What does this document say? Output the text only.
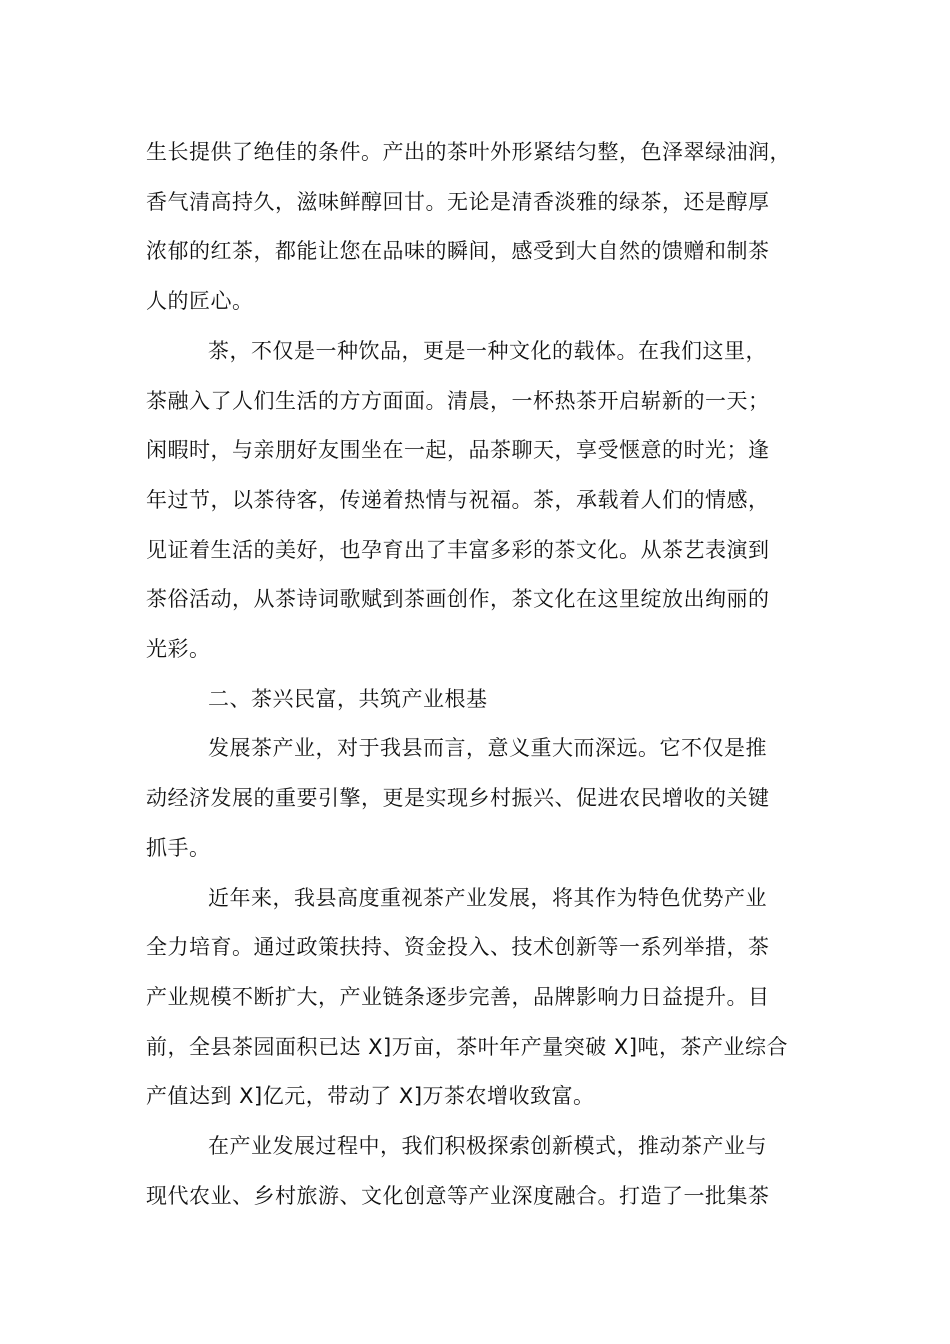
生长提供了绝佳的条件。产出的茶叶外形紧结匀整，色泽翠绿油润，
香气清高持久，滋味鲜醇回甘。无论是清香淡雅的绿茶，还是醇厚
浓郁的红茶，都能让您在品味的瞬间，感受到大自然的馈赠和制茶
人的匠心。

茶，不仅是一种饮品，更是一种文化的载体。在我们这里，
茶融入了人们生活的方方面面。清晨，一杯热茶开启崭新的一天；
闲暇时，与亲朋好友围坐在一起，品茶聊天，享受惬意的时光；逢
年过节，以茶待客，传递着热情与祝福。茶，承载着人们的情感，
见证着生活的美好，也孕育出了丰富多彩的茶文化。从茶艺表演到
茶俗活动，从茶诗词歌赋到茶画创作，茶文化在这里绽放出绚丽的
光彩。

二、茶兴民富，共筑产业根基

发展茶产业，对于我县而言，意义重大而深远。它不仅是推
动经济发展的重要引擎，更是实现乡村振兴、促进农民增收的关键
抓手。

近年来，我县高度重视茶产业发展，将其作为特色优势产业
全力培育。通过政策扶持、资金投入、技术创新等一系列举措，茶
产业规模不断扩大，产业链条逐步完善，品牌影响力日益提升。目
前，全县茶园面积已达 X]万亩，茶叶年产量突破 X]吨，茶产业综合
产值达到 X]亿元，带动了 X]万茶农增收致富。

在产业发展过程中，我们积极探索创新模式，推动茶产业与
现代农业、乡村旅游、文化创意等产业深度融合。打造了一批集茶
